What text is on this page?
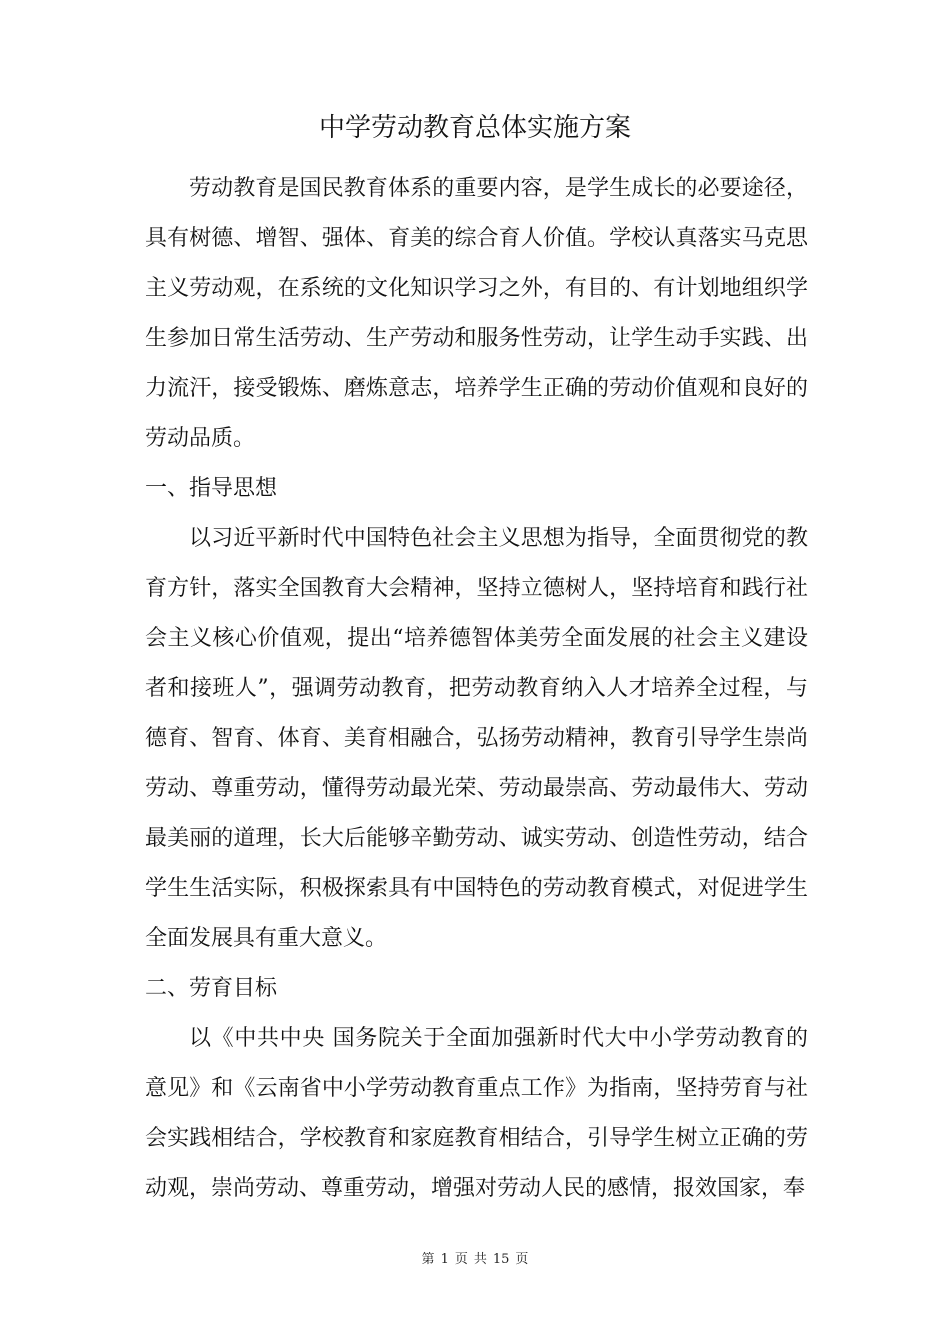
中学劳动教育总体实施方案

劳动教育是国民教育体系的重要内容，是学生成长的必要途径，具有树德、增智、强体、育美的综合育人价值。学校认真落实马克思主义劳动观，在系统的文化知识学习之外，有目的、有计划地组织学生参加日常生活劳动、生产劳动和服务性劳动，让学生动手实践、出力流汗，接受锻炼、磨炼意志，培养学生正确的劳动价值观和良好的劳动品质。

一、指导思想

以习近平新时代中国特色社会主义思想为指导，全面贯彻党的教育方针，落实全国教育大会精神，坚持立德树人，坚持培育和践行社会主义核心价值观，提出“培养德智体美劳全面发展的社会主义建设者和接班人”，强调劳动教育，把劳动教育纳入人才培养全过程，与德育、智育、体育、美育相融合，弘扬劳动精神，教育引导学生崇尚劳动、尊重劳动，懂得劳动最光荣、劳动最崇高、劳动最伟大、劳动最美丽的道理，长大后能够辛勤劳动、诚实劳动、创造性劳动，结合学生生活实际，积极探索具有中国特色的劳动教育模式，对促进学生全面发展具有重大意义。

二、劳育目标

以《中共中央 国务院关于全面加强新时代大中小学劳动教育的意见》和《云南省中小学劳动教育重点工作》为指南，坚持劳育与社会实践相结合，学校教育和家庭教育相结合，引导学生树立正确的劳动观，崇尚劳动、尊重劳动，增强对劳动人民的感情，报效国家，奉

第 1 页 共 15 页
